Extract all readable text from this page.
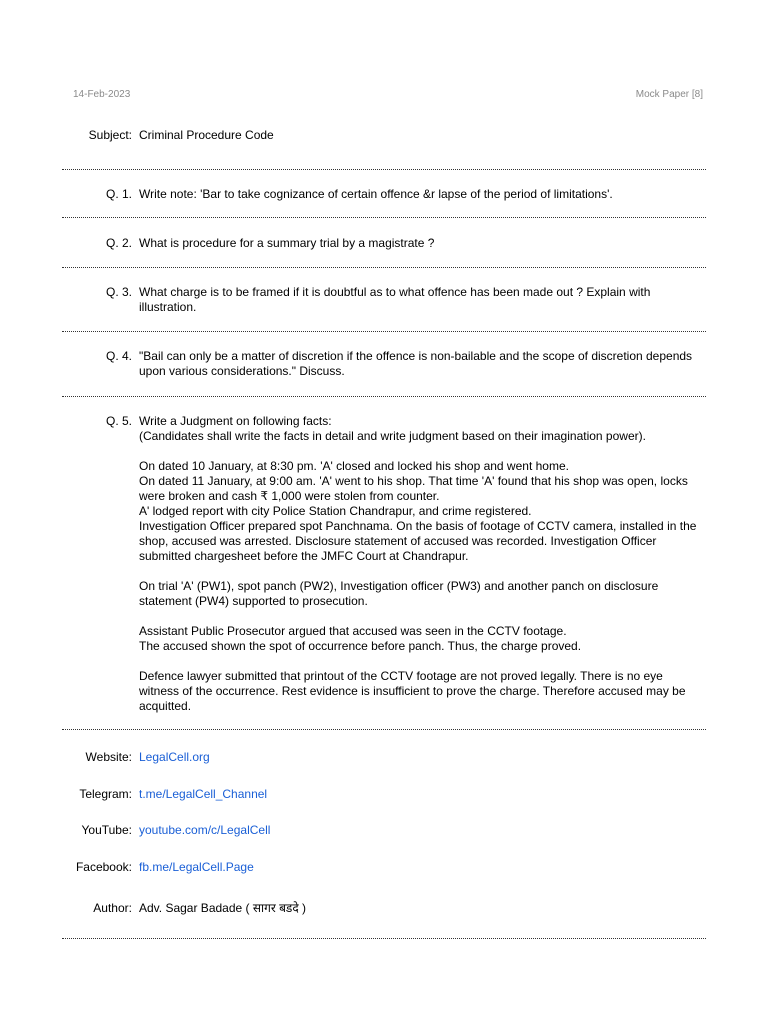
14-Feb-2023	Mock Paper [8]
Subject: Criminal Procedure Code
Q. 1. Write note: 'Bar to take cognizance of certain offence &r lapse of the period of limitations'.
Q. 2. What is procedure for a summary trial by a magistrate ?
Q. 3. What charge is to be framed if it is doubtful as to what offence has been made out ? Explain with illustration.
Q. 4. "Bail can only be a matter of discretion if the offence is non-bailable and the scope of discretion depends upon various considerations." Discuss.
Q. 5. Write a Judgment on following facts:
(Candidates shall write the facts in detail and write judgment based on their imagination power).

On dated 10 January, at 8:30 pm. 'A' closed and locked his shop and went home.
On dated 11 January, at 9:00 am. 'A' went to his shop. That time 'A' found that his shop was open, locks were broken and cash ₹ 1,000 were stolen from counter.
A' lodged report with city Police Station Chandrapur, and crime registered.
Investigation Officer prepared spot Panchnama. On the basis of footage of CCTV camera, installed in the shop, accused was arrested. Disclosure statement of accused was recorded. Investigation Officer submitted chargesheet before the JMFC Court at Chandrapur.

On trial 'A' (PW1), spot panch (PW2), Investigation officer (PW3) and another panch on disclosure statement (PW4) supported to prosecution.

Assistant Public Prosecutor argued that accused was seen in the CCTV footage.
The accused shown the spot of occurrence before panch. Thus, the charge proved.

Defence lawyer submitted that printout of the CCTV footage are not proved legally. There is no eye witness of the occurrence. Rest evidence is insufficient to prove the charge. Therefore accused may be acquitted.

Website: LegalCell.org
Telegram: t.me/LegalCell_Channel
YouTube: youtube.com/c/LegalCell
Facebook: fb.me/LegalCell.Page
Author: Adv. Sagar Badade ( सागर बडदे )
